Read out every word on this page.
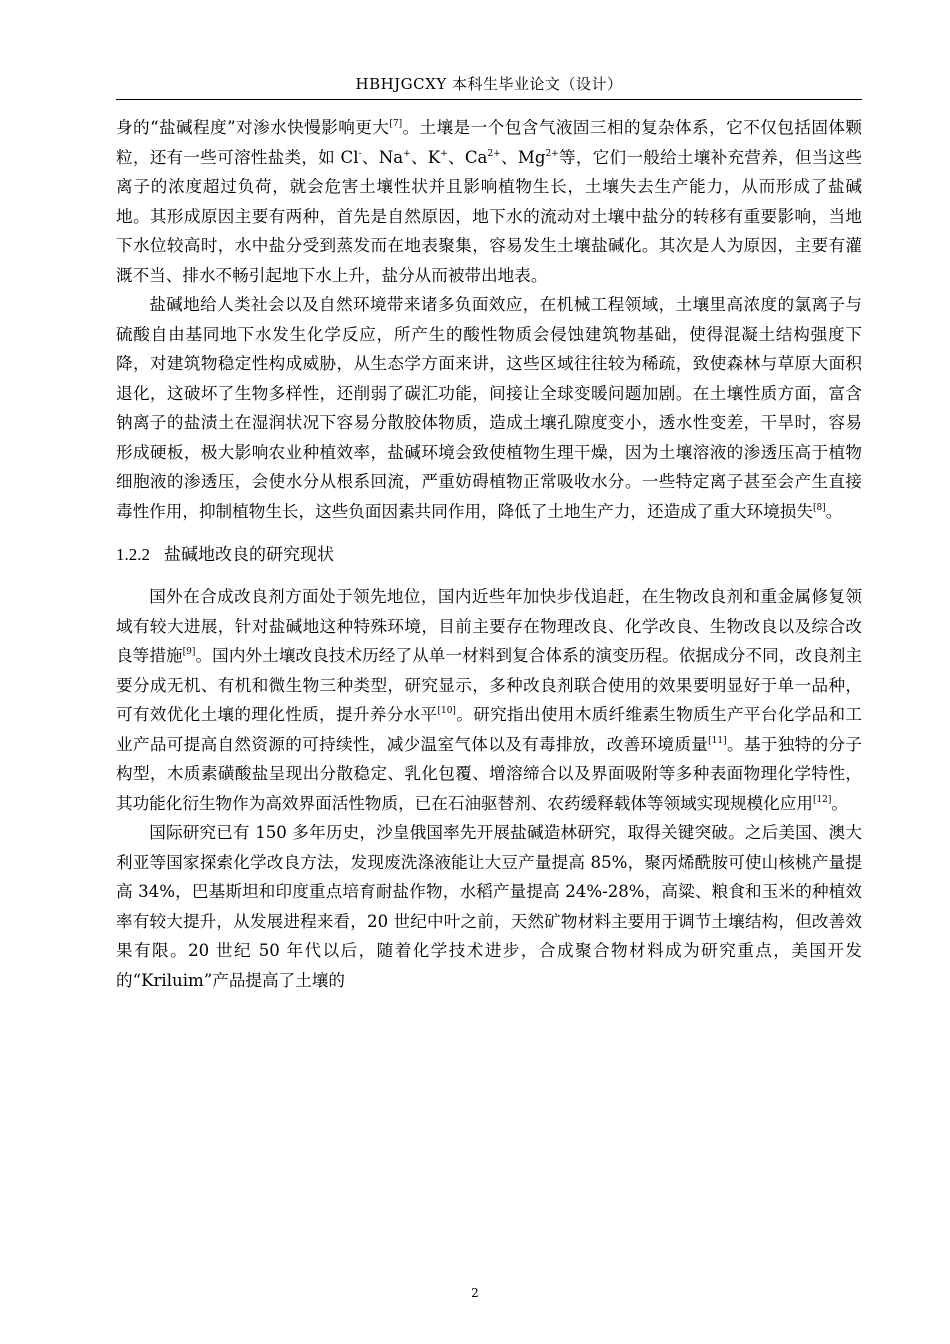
HBHJGCXY 本科生毕业论文（设计）

身的“盐碱程度”对渗水快慢影响更大[7]。土壤是一个包含气液固三相的复杂体系，它不仅包括固体颗粒，还有一些可溶性盐类，如 Cl-、Na+、K+、$Ca^{2+}$、$Mg^{2+}$等，它们一般给土壤补充营养，但当这些离子的浓度超过负荷，就会危害土壤性状并且影响植物生长，土壤失去生产能力，从而形成了盐碱地。其形成原因主要有两种，首先是自然原因，地下水的流动对土壤中盐分的转移有重要影响，当地下水位较高时，水中盐分受到蒸发而在地表聚集，容易发生土壤盐碱化。其次是人为原因，主要有灌溉不当、排水不畅引起地下水上升，盐分从而被带出地表。

盐碱地给人类社会以及自然环境带来诸多负面效应，在机械工程领域，土壤里高浓度的氯离子与硫酸自由基同地下水发生化学反应，所产生的酸性物质会侵蚀建筑物基础，使得混凝土结构强度下降，对建筑物稳定性构成威胁，从生态学方面来讲，这些区域往往较为稀疏，致使森林与草原大面积退化，这破坏了生物多样性，还削弱了碳汇功能，间接让全球变暖问题加剧。在土壤性质方面，富含钠离子的盐渍土在湿润状况下容易分散胶体物质，造成土壤孔隙度变小，透水性变差，干旱时，容易形成硬板，极大影响农业种植效率，盐碱环境会致使植物生理干燥，因为土壤溶液的渗透压高于植物细胞液的渗透压，会使水分从根系回流，严重妨碍植物正常吸收水分。一些特定离子甚至会产生直接毒性作用，抑制植物生长，这些负面因素共同作用，降低了土地生产力，还造成了重大环境损失[8]。

1.2.2 盐碱地改良的研究现状

国外在合成改良剂方面处于领先地位，国内近些年加快步伐追赶，在生物改良剂和重金属修复领域有较大进展，针对盐碱地这种特殊环境，目前主要存在物理改良、化学改良、生物改良以及综合改良等措施[9]。国内外土壤改良技术历经了从单一材料到复合体系的演变历程。依据成分不同，改良剂主要分成无机、有机和微生物三种类型，研究显示，多种改良剂联合使用的效果要明显好于单一品种，可有效优化土壤的理化性质，提升养分水平[10]。研究指出使用木质纤维素生物质生产平台化学品和工业产品可提高自然资源的可持续性，减少温室气体以及有毒排放，改善环境质量[11]。基于独特的分子构型，木质素磺酸盐呈现出分散稳定、乳化包覆、增溶缔合以及界面吸附等多种表面物理化学特性，其功能化衍生物作为高效界面活性物质，已在石油驱替剂、农药缓释载体等领域实现规模化应用[12]。

国际研究已有 150 多年历史，沙皇俄国率先开展盐碱造林研究，取得关键突破。之后美国、澳大利亚等国家探索化学改良方法，发现废洗涤液能让大豆产量提高 85%，聚丙烯酰胺可使山核桃产量提高 34%，巴基斯坦和印度重点培育耐盐作物，水稻产量提高 24%-28%，高粱、粮食和玉米的种植效率有较大提升，从发展进程来看，20 世纪中叶之前，天然矿物材料主要用于调节土壤结构，但改善效果有限。20 世纪 50 年代以后，随着化学技术进步，合成聚合物材料成为研究重点，美国开发的“Kriluim”产品提高了土壤的

2
